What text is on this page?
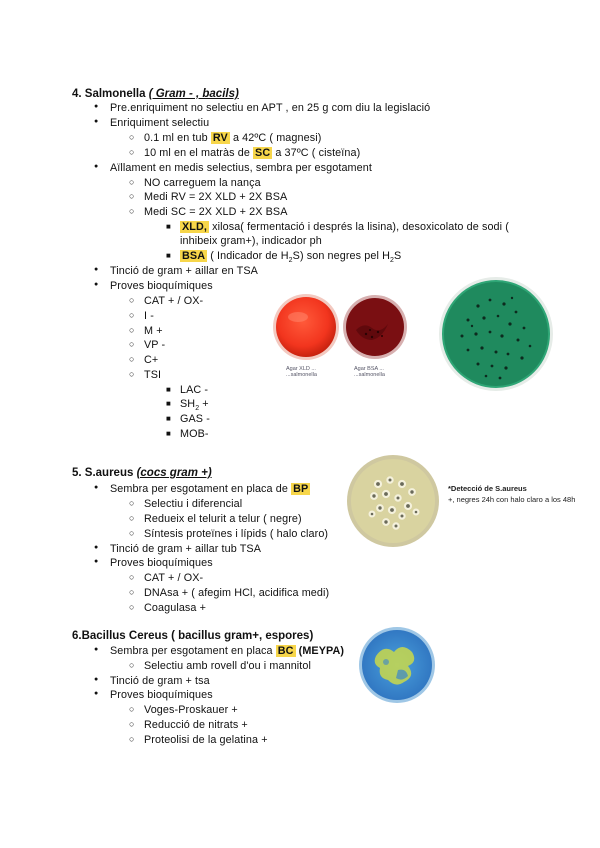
4. Salmonella ( Gram - , bacils)
● Pre.enriquiment no selectiu en APT , en 25 g com diu la legislació
● Enriquiment selectiu
○ 0.1 ml en tub RV a 42ºC ( magnesi)
○ 10 ml en el matràs de SC a 37ºC ( cisteïna)
● Aïllament en medis selectius, sembra per esgotament
○ NO carreguem la nança
○ Medi RV = 2X XLD + 2X BSA
○ Medi SC = 2X XLD + 2X BSA
■ XLD, xilosa( fermentació i després la lisina), desoxicolato de sodi (
inhibeix gram+), indicador ph
■ BSA ( Indicador de $H_2S$) son negres pel $H_2S$
● Tinció de gram + aillar en TSA
● Proves bioquímiques
○ CAT + / OX-
○ I -
○ M +
○ VP -
○ C+
○ TSI
■ LAC -
■ $SH_2$ +
■ GAS -
■ MOB-
Agar XLD ...
...salmonella
Agar BSA ...
...salmonella
5. S.aureus (cocs gram +)
● Sembra per esgotament en placa de BP
○ Selectiu i diferencial
○ Redueix el telurit a telur ( negre)
○ Síntesis proteïnes i lípids ( halo claro)
● Tinció de gram + aillar tub TSA
● Proves bioquímiques
○ CAT + / OX-
○ DNAsa + ( afegim HCl, acidifica medi)
○ Coagulasa +
*Detecció de S.aureus
+, negres 24h con halo claro a los 48h
6.Bacillus Cereus ( bacillus gram+, espores)
● Sembra per esgotament en placa BC (MEYPA)
○ Selectiu amb rovell d'ou i mannitol
● Tinció de gram + tsa
● Proves bioquímiques
○ Voges-Proskauer +
○ Reducció de nitrats +
○ Proteolisi de la gelatina +
